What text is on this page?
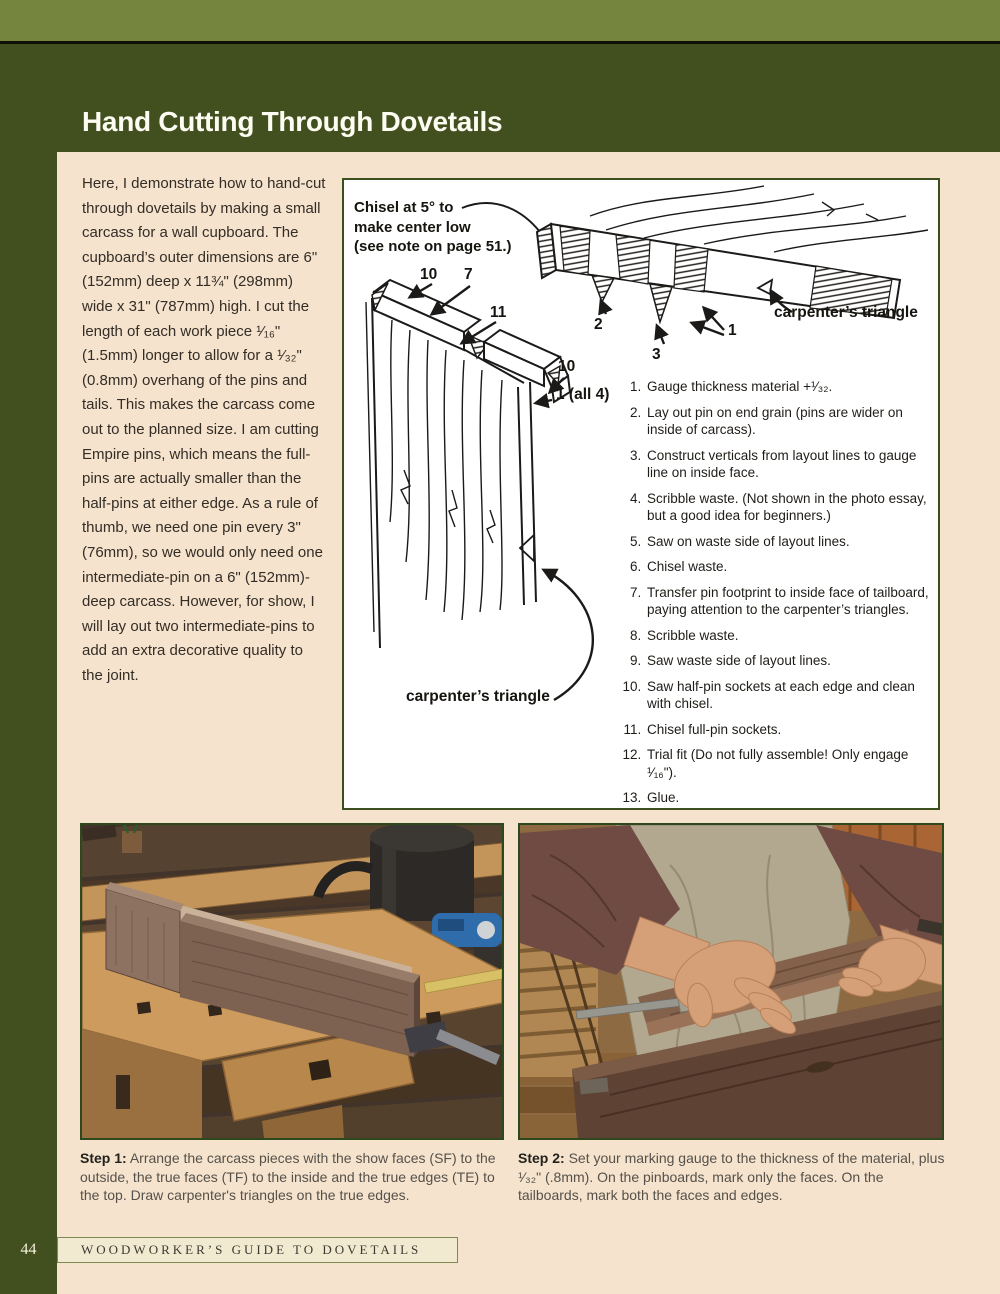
Hand Cutting Through Dovetails

Here, I demonstrate how to hand-cut through dovetails by making a small carcass for a wall cupboard. The cupboard’s outer dimensions are 6" (152mm) deep x 11¾" (298mm) wide x 31" (787mm) high. I cut the length of each work piece ¹⁄₁₆" (1.5mm) longer to allow for a ¹⁄₃₂" (0.8mm) overhang of the pins and tails. This makes the carcass come out to the planned size. I am cutting Empire pins, which means the full-pins are actually smaller than the half-pins at either edge. As a rule of thumb, we need one pin every 3" (76mm), so we would only need one intermediate-pin on a 6" (152mm)-deep carcass. However, for show, I will lay out two intermediate-pins to add an extra decorative quality to the joint.

Chisel at 5° to
make center low
(see note on page 51.)
10 7
11
10
1 (all 4)
2
3
1
carpenter’s triangle
carpenter’s triangle
1. Gauge thickness material +¹⁄₃₂.
2. Lay out pin on end grain (pins are wider on inside of carcass).
3. Construct verticals from layout lines to gauge line on inside face.
4. Scribble waste. (Not shown in the photo essay, but a good idea for beginners.)
5. Saw on waste side of layout lines.
6. Chisel waste.
7. Transfer pin footprint to inside face of tailboard, paying attention to the carpenter’s triangles.
8. Scribble waste.
9. Saw waste side of layout lines.
10. Saw half-pin sockets at each edge and clean with chisel.
11. Chisel full-pin sockets.
12. Trial fit (Do not fully assemble! Only engage ¹⁄₁₆").
13. Glue.

Step 1: Arrange the carcass pieces with the show faces (SF) to the outside, the true faces (TF) to the inside and the true edges (TE) to the top. Draw carpenter's triangles on the true edges.

Step 2: Set your marking gauge to the thickness of the material, plus ¹⁄₃₂" (.8mm). On the pinboards, mark only the faces. On the tailboards, mark both the faces and edges.

WOODWORKER’S GUIDE TO DOVETAILS
44
